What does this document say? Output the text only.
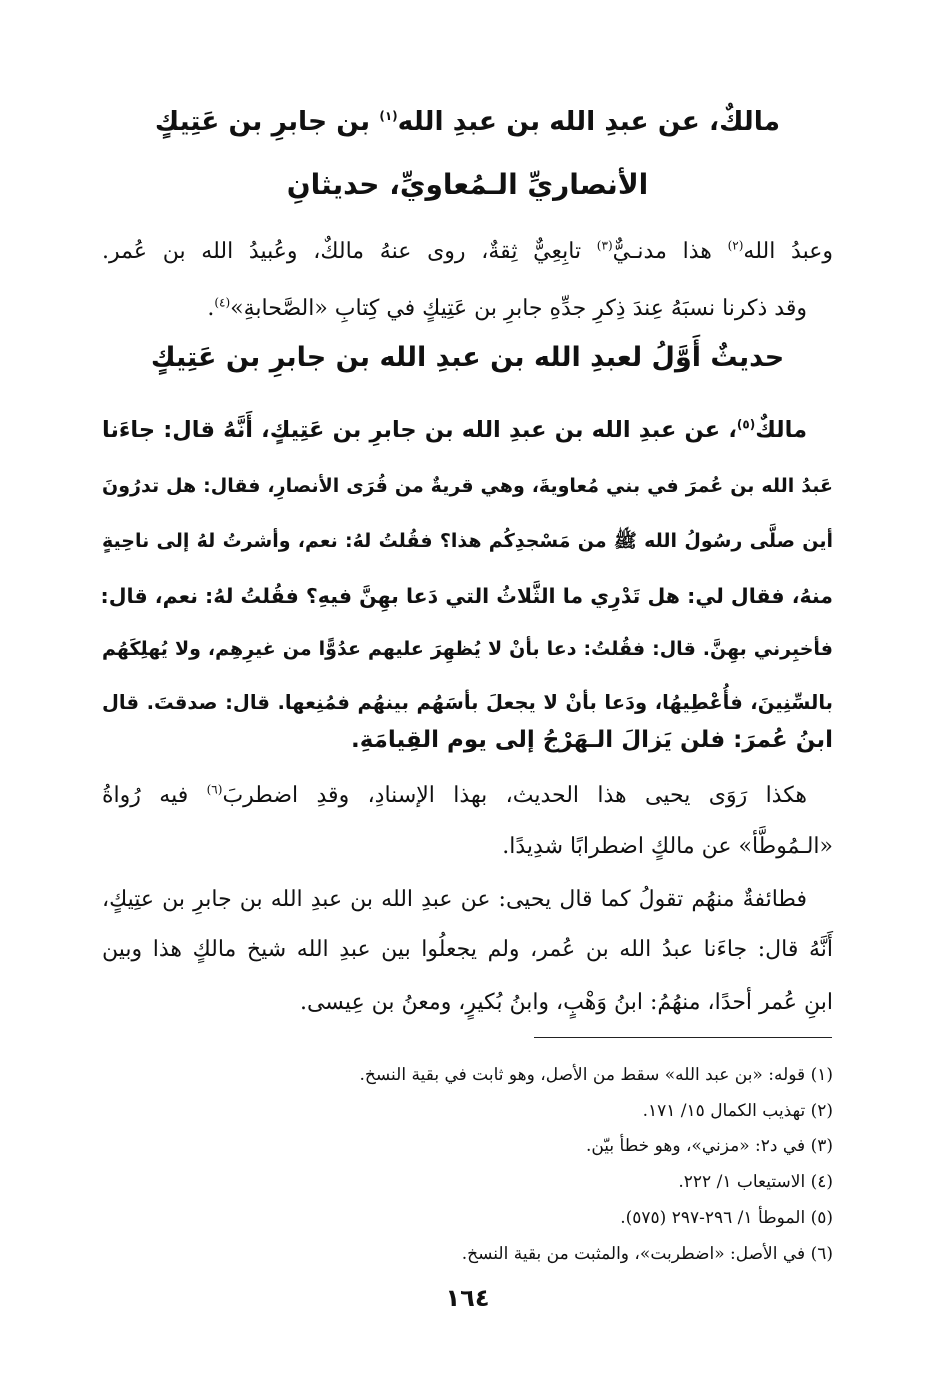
مالكٌ، عن عبدِ الله بن عبدِ الله$^{(١)}$ بن جابرِ بن عَتِيكٍ
الأنصاريِّ الـمُعاويِّ، حديثانِ
وعبدُ الله$^{(٢)}$ هذا مدنـيٌّ$^{(٣)}$ تابِعِيٌّ ثِقةٌ، روى عنهُ مالكٌ، وعُبيدُ الله بن عُمر.
وقد ذكرنا نسبَهُ عِندَ ذِكرِ جدِّهِ جابرِ بن عَتِيكٍ في كِتابِ «الصَّحابةِ»$^{(٤)}$.
حديثٌ أَوَّلُ لعبدِ الله بن عبدِ الله بن جابرِ بن عَتِيكٍ
مالكٌ$^{(٥)}$، عن عبدِ الله بن عبدِ الله بن جابرِ بن عَتِيكٍ، أَنَّهُ قال: جاءَنا
عَبدُ الله بن عُمرَ في بني مُعاويةَ، وهي قريةٌ من قُرَى الأنصارِ، فقال: هل تدرُونَ
أين صلَّى رسُولُ الله ﷺ من مَسْجدِكُم هذا؟ فقُلتُ لهُ: نعم، وأشرتُ لهُ إلى ناحِيةٍ
منهُ، فقال لي: هل تَدْرِي ما الثَّلاثُ التي دَعا بهِنَّ فيهِ؟ فقُلتُ لهُ: نعم، قال:
فأخبِرني بهِنَّ. قال: فقُلتُ: دعا بأنْ لا يُظهِرَ عليهم عدُوًّا من غيرِهِم، ولا يُهلِكَهُم
بالسِّنِينَ، فأُعْطِيهُا، ودَعا بأنْ لا يجعلَ بأسَهُم بينهُم فمُنِعها. قال: صدقتَ. قال
ابنُ عُمرَ: فلن يَزالَ الـهَرْجُ إلى يوم القِيامَةِ.
هكذا رَوَى يحيى هذا الحديث، بهذا الإسنادِ، وقدِ اضطربَ$^{(٦)}$ فيه رُواةُ
«الـمُوطَّأ» عن مالكٍ اضطرابًا شدِيدًا.
فطائفةٌ منهُم تقولُ كما قال يحيى: عن عبدِ الله بن عبدِ الله بن جابرِ بن عتِيكٍ،
أَنَّهُ قال: جاءَنا عبدُ الله بن عُمر، ولم يجعلُوا بين عبدِ الله شيخ مالكٍ هذا وبين
ابنِ عُمر أحدًا، منهُمُ: ابنُ وَهْبٍ، وابنُ بُكيرٍ، ومعنُ بن عِيسى.
(١) قوله: «بن عبد الله» سقط من الأصل، وهو ثابت في بقية النسخ.
(٢) تهذيب الكمال ١٥/ ١٧١.
(٣) في د٢: «مزني»، وهو خطأ بيّن.
(٤) الاستيعاب ١/ ٢٢٢.
(٥) الموطأ ١/ ٢٩٦-٢٩٧ (٥٧٥).
(٦) في الأصل: «اضطربت»، والمثبت من بقية النسخ.
١٦٤
